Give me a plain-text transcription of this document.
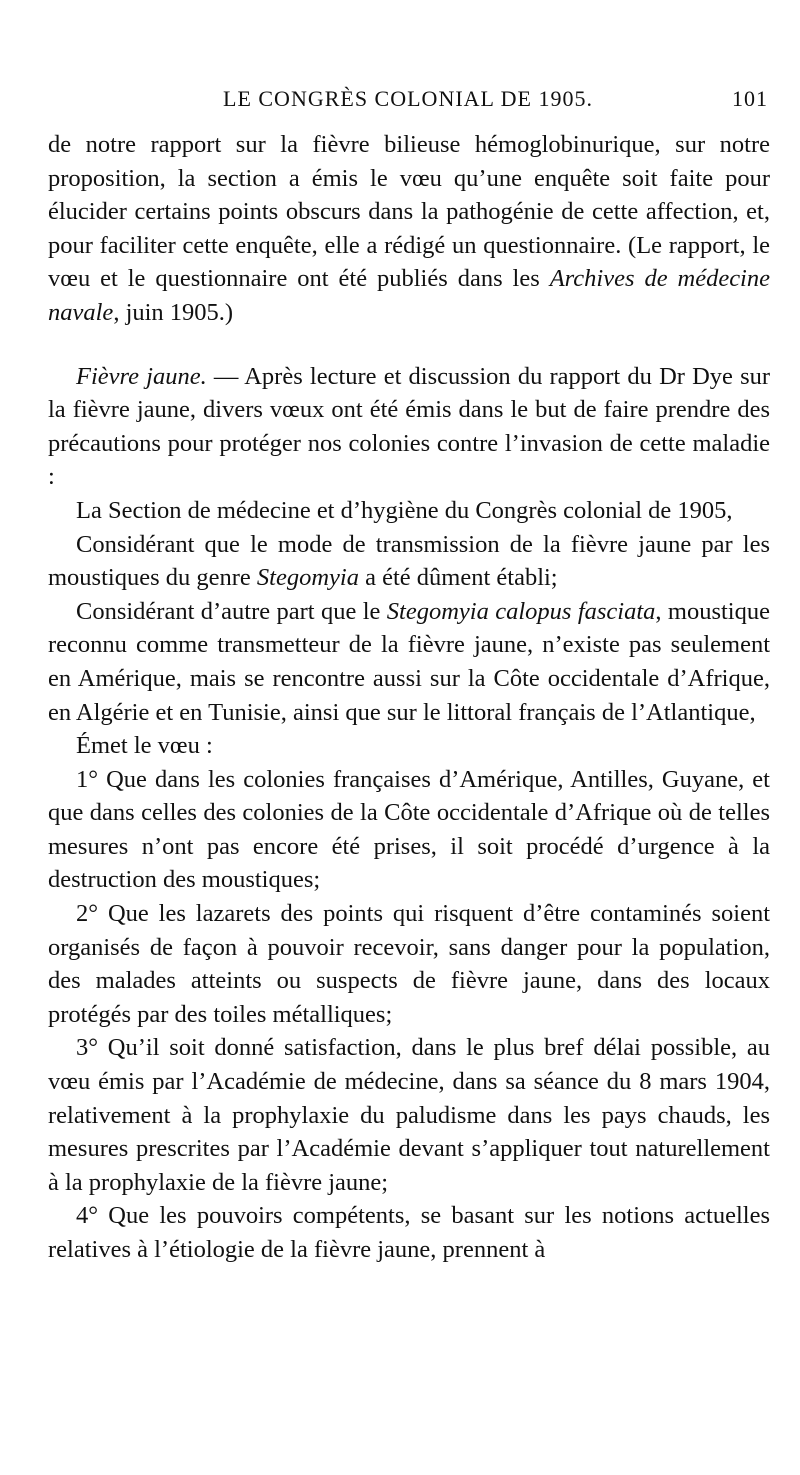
LE CONGRÈS COLONIAL DE 1905.	101

de notre rapport sur la fièvre bilieuse hémoglobinurique, sur notre proposition, la section a émis le vœu qu’une enquête soit faite pour élucider certains points obscurs dans la pathogénie de cette affection, et, pour faciliter cette enquête, elle a rédigé un questionnaire. (Le rapport, le vœu et le questionnaire ont été publiés dans les Archives de médecine navale, juin 1905.)

Fièvre jaune. — Après lecture et discussion du rapport du Dr Dye sur la fièvre jaune, divers vœux ont été émis dans le but de faire prendre des précautions pour protéger nos colonies contre l’invasion de cette maladie :

La Section de médecine et d’hygiène du Congrès colonial de 1905,

Considérant que le mode de transmission de la fièvre jaune par les moustiques du genre Stegomyia a été dûment établi;

Considérant d’autre part que le Stegomyia calopus fasciata, moustique reconnu comme transmetteur de la fièvre jaune, n’existe pas seulement en Amérique, mais se rencontre aussi sur la Côte occidentale d’Afrique, en Algérie et en Tunisie, ainsi que sur le littoral français de l’Atlantique,

Émet le vœu :

1° Que dans les colonies françaises d’Amérique, Antilles, Guyane, et que dans celles des colonies de la Côte occidentale d’Afrique où de telles mesures n’ont pas encore été prises, il soit procédé d’urgence à la destruction des moustiques;

2° Que les lazarets des points qui risquent d’être contaminés soient organisés de façon à pouvoir recevoir, sans danger pour la population, des malades atteints ou suspects de fièvre jaune, dans des locaux protégés par des toiles métalliques;

3° Qu’il soit donné satisfaction, dans le plus bref délai possible, au vœu émis par l’Académie de médecine, dans sa séance du 8 mars 1904, relativement à la prophylaxie du paludisme dans les pays chauds, les mesures prescrites par l’Académie devant s’appliquer tout naturellement à la prophylaxie de la fièvre jaune;

4° Que les pouvoirs compétents, se basant sur les notions actuelles relatives à l’étiologie de la fièvre jaune, prennent à
